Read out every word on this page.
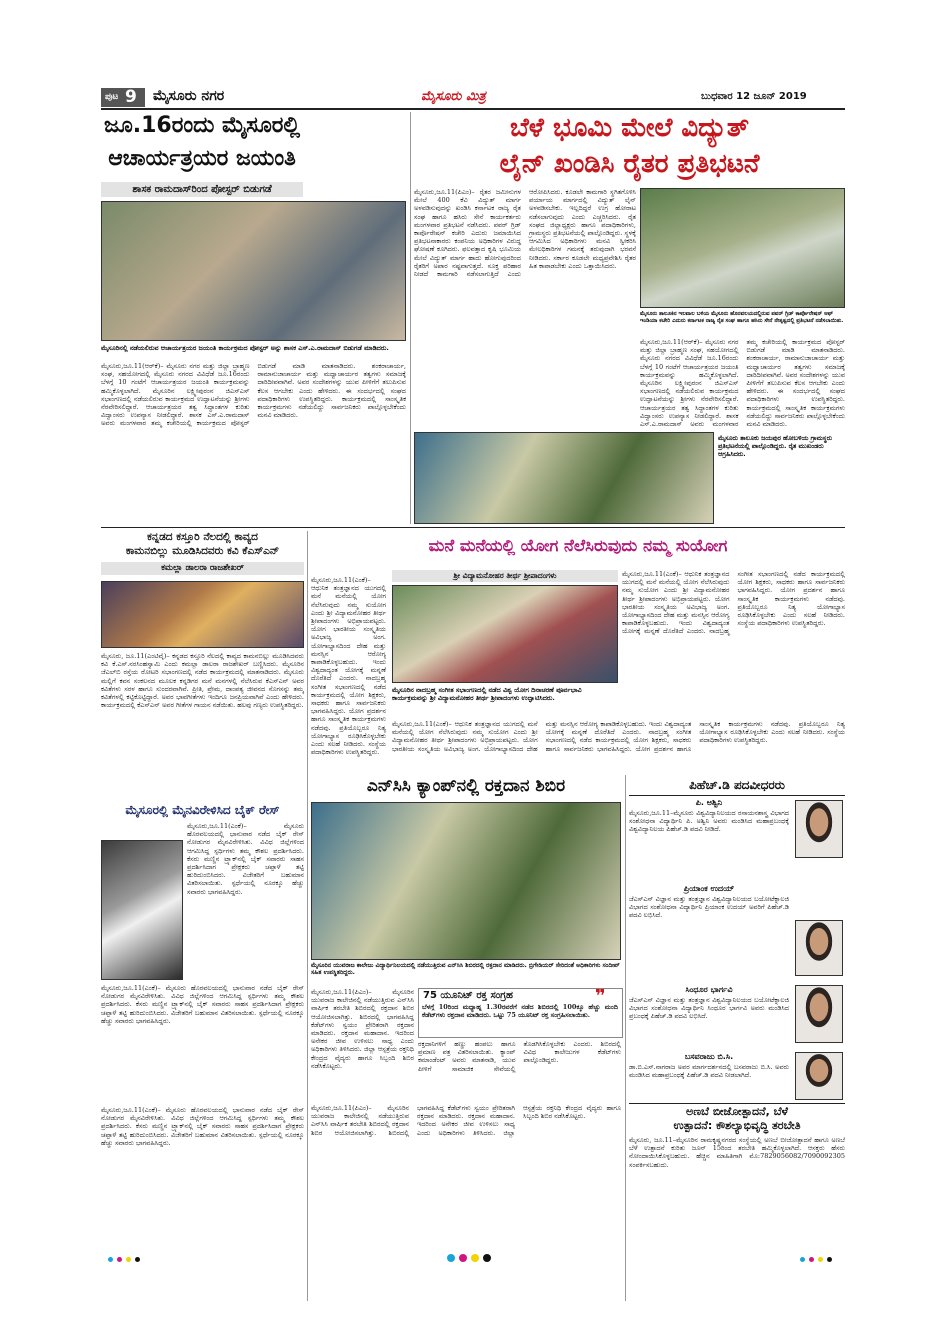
ಪುಟ 9 ಮೈಸೂರು ನಗರ	ಮೈಸೂರು ಮಿತ್ರ	ಬುಧವಾರ 12 ಜೂನ್ 2019
ಜೂ.16ರಂದು ಮೈಸೂರಲ್ಲಿ
ಆಚಾರ್ಯತ್ರಯರ ಜಯಂತಿ
ಶಾಸಕ ರಾಮದಾಸ್‌ರಿಂದ ಪೋಸ್ಟರ್ ಬಿಡುಗಡೆ
ಮೈಸೂರಿನಲ್ಲಿ ನಡೆಯಲಿರುವ ಆಚಾರ್ಯತ್ರಯರ ಜಯಂತಿ ಕಾರ್ಯಕ್ರಮದ ಪೋಸ್ಟರ್ ಅನ್ನು ಶಾಸಕ ಎಸ್.ಎ.ರಾಮದಾಸ್ ಬಿಡುಗಡೆ ಮಾಡಿದರು.
ಮೈಸೂರು,ಜೂ.11(ಆರ್‌ಕೆ)– ಮೈಸೂರು ನಗರ ಮತ್ತು ಜಿಲ್ಲಾ ಬ್ರಾಹ್ಮಣ ಸಂಘ, ಸಹಯೋಗದಲ್ಲಿ ಮೈಸೂರು ನಗರದ ವಿವಿಧೆಡೆ ಜೂ.16ರಂದು ಬೆಳಗ್ಗೆ 10 ಗಂಟೆಗೆ ಆಚಾರ್ಯತ್ರಯರ ಜಯಂತಿ ಕಾರ್ಯಕ್ರಮವನ್ನು ಹಮ್ಮಿಕೊಳ್ಳಲಾಗಿದೆ. ಮೈಸೂರಿನ ಲಕ್ಷ್ಮೀಪುರಂನ ಜಿಎಸ್‌ಎಸ್ ಸಭಾಂಗಣದಲ್ಲಿ ನಡೆಯಲಿರುವ ಕಾರ್ಯಕ್ರಮದ ಉದ್ಘಾಟನೆಯನ್ನು ಶ್ರೀಗಳು ನೆರವೇರಿಸಲಿದ್ದಾರೆ. ಆಚಾರ್ಯತ್ರಯರ ತತ್ವ ಸಿದ್ಧಾಂತಗಳ ಕುರಿತು ವಿದ್ವಾಂಸರು ಉಪನ್ಯಾಸ ನೀಡಲಿದ್ದಾರೆ. ಶಾಸಕ ಎಸ್.ಎ.ರಾಮದಾಸ್ ಅವರು ಮಂಗಳವಾರ ತಮ್ಮ ಕಚೇರಿಯಲ್ಲಿ ಕಾರ್ಯಕ್ರಮದ ಪೋಸ್ಟರ್ ಬಿಡುಗಡೆ ಮಾಡಿ ಮಾತನಾಡಿದರು. ಶಂಕರಾಚಾರ್ಯ, ರಾಮಾನುಜಾಚಾರ್ಯ ಮತ್ತು ಮಧ್ವಾಚಾರ್ಯರ ತತ್ವಗಳು ಸಮಾಜಕ್ಕೆ ದಾರಿದೀಪವಾಗಿವೆ. ಅವರ ಸಂದೇಶಗಳನ್ನು ಯುವ ಪೀಳಿಗೆಗೆ ತಲುಪಿಸುವ ಕೆಲಸ ಆಗಬೇಕು ಎಂದು ಹೇಳಿದರು. ಈ ಸಂದರ್ಭದಲ್ಲಿ ಸಂಘದ ಪದಾಧಿಕಾರಿಗಳು ಉಪಸ್ಥಿತರಿದ್ದರು. ಕಾರ್ಯಕ್ರಮದಲ್ಲಿ ಸಾಂಸ್ಕೃತಿಕ ಕಾರ್ಯಕ್ರಮಗಳು ನಡೆಯಲಿದ್ದು ಸಾರ್ವಜನಿಕರು ಪಾಲ್ಗೊಳ್ಳಬೇಕೆಂದು ಮನವಿ ಮಾಡಿದರು.
ಬೆಳೆ ಭೂಮಿ ಮೇಲೆ ವಿದ್ಯುತ್
ಲೈನ್ ಖಂಡಿಸಿ ರೈತರ ಪ್ರತಿಭಟನೆ
ಮೈಸೂರು,ಜೂ.11(ಪಿಎಂ)– ರೈತರ ಜಮೀನುಗಳ ಮೇಲೆ 400 ಕೆವಿ ವಿದ್ಯುತ್ ಮಾರ್ಗ ಅಳವಡಿಸುವುದನ್ನು ಖಂಡಿಸಿ ಕರ್ನಾಟಕ ರಾಜ್ಯ ರೈತ ಸಂಘ ಹಾಗೂ ಹಸಿರು ಸೇನೆ ಕಾರ್ಯಕರ್ತರು ಮಂಗಳವಾರ ಪ್ರತಿಭಟನೆ ನಡೆಸಿದರು. ಪವರ್ ಗ್ರಿಡ್ ಕಾರ್ಪೊರೇಷನ್ ಕಚೇರಿ ಎದುರು ಜಮಾಯಿಸಿದ ಪ್ರತಿಭಟನಾಕಾರರು ಕಂಪನಿಯ ಅಧಿಕಾರಿಗಳ ವಿರುದ್ಧ ಘೋಷಣೆ ಕೂಗಿದರು. ಫಲವತ್ತಾದ ಕೃಷಿ ಭೂಮಿಯ ಮೇಲೆ ವಿದ್ಯುತ್ ಮಾರ್ಗ ಹಾದು ಹೋಗುವುದರಿಂದ ರೈತರಿಗೆ ಅಪಾರ ನಷ್ಟವಾಗುತ್ತದೆ. ಸೂಕ್ತ ಪರಿಹಾರ ನೀಡದೆ ಕಾಮಗಾರಿ ನಡೆಸಲಾಗುತ್ತಿದೆ ಎಂದು ಆರೋಪಿಸಿದರು. ಕೂಡಲೇ ಕಾಮಗಾರಿ ಸ್ಥಗಿತಗೊಳಿಸಿ ಪರ್ಯಾಯ ಮಾರ್ಗದಲ್ಲಿ ವಿದ್ಯುತ್ ಲೈನ್ ಅಳವಡಿಸಬೇಕು. ಇಲ್ಲದಿದ್ದರೆ ಉಗ್ರ ಹೋರಾಟ ನಡೆಸಲಾಗುವುದು ಎಂದು ಎಚ್ಚರಿಸಿದರು. ರೈತ ಸಂಘದ ಜಿಲ್ಲಾಧ್ಯಕ್ಷರು ಹಾಗೂ ಪದಾಧಿಕಾರಿಗಳು, ಗ್ರಾಮಸ್ಥರು ಪ್ರತಿಭಟನೆಯಲ್ಲಿ ಪಾಲ್ಗೊಂಡಿದ್ದರು. ಸ್ಥಳಕ್ಕೆ ಆಗಮಿಸಿದ ಅಧಿಕಾರಿಗಳು ಮನವಿ ಸ್ವೀಕರಿಸಿ ಮೇಲಧಿಕಾರಿಗಳ ಗಮನಕ್ಕೆ ತರುವುದಾಗಿ ಭರವಸೆ ನೀಡಿದರು. ಸರ್ಕಾರ ಕೂಡಲೇ ಮಧ್ಯಪ್ರವೇಶಿಸಿ ರೈತರ ಹಿತ ಕಾಪಾಡಬೇಕು ಎಂದು ಒತ್ತಾಯಿಸಿದರು.
ಮೈಸೂರು ತಾಲೂಕಿನ ಇಲವಾಲ ಬಳಿಯ ಮೈಸೂರು ಹೊರವಲಯದಲ್ಲಿರುವ ಪವರ್ ಗ್ರಿಡ್ ಕಾರ್ಪೊರೇಷನ್ ಆಫ್ ಇಂಡಿಯಾ ಕಚೇರಿ ಎದುರು ಕರ್ನಾಟಕ ರಾಜ್ಯ ರೈತ ಸಂಘ ಹಾಗೂ ಹಸಿರು ಸೇನೆ ನೇತೃತ್ವದಲ್ಲಿ ಪ್ರತಿಭಟನೆ ನಡೆಸಲಾಯಿತು.
ಮೈಸೂರು,ಜೂ.11(ಆರ್‌ಕೆ)– ಮೈಸೂರು ನಗರ ಮತ್ತು ಜಿಲ್ಲಾ ಬ್ರಾಹ್ಮಣ ಸಂಘ, ಸಹಯೋಗದಲ್ಲಿ ಮೈಸೂರು ನಗರದ ವಿವಿಧೆಡೆ ಜೂ.16ರಂದು ಬೆಳಗ್ಗೆ 10 ಗಂಟೆಗೆ ಆಚಾರ್ಯತ್ರಯರ ಜಯಂತಿ ಕಾರ್ಯಕ್ರಮವನ್ನು ಹಮ್ಮಿಕೊಳ್ಳಲಾಗಿದೆ. ಮೈಸೂರಿನ ಲಕ್ಷ್ಮೀಪುರಂನ ಜಿಎಸ್‌ಎಸ್ ಸಭಾಂಗಣದಲ್ಲಿ ನಡೆಯಲಿರುವ ಕಾರ್ಯಕ್ರಮದ ಉದ್ಘಾಟನೆಯನ್ನು ಶ್ರೀಗಳು ನೆರವೇರಿಸಲಿದ್ದಾರೆ. ಆಚಾರ್ಯತ್ರಯರ ತತ್ವ ಸಿದ್ಧಾಂತಗಳ ಕುರಿತು ವಿದ್ವಾಂಸರು ಉಪನ್ಯಾಸ ನೀಡಲಿದ್ದಾರೆ. ಶಾಸಕ ಎಸ್.ಎ.ರಾಮದಾಸ್ ಅವರು ಮಂಗಳವಾರ ತಮ್ಮ ಕಚೇರಿಯಲ್ಲಿ ಕಾರ್ಯಕ್ರಮದ ಪೋಸ್ಟರ್ ಬಿಡುಗಡೆ ಮಾಡಿ ಮಾತನಾಡಿದರು. ಶಂಕರಾಚಾರ್ಯ, ರಾಮಾನುಜಾಚಾರ್ಯ ಮತ್ತು ಮಧ್ವಾಚಾರ್ಯರ ತತ್ವಗಳು ಸಮಾಜಕ್ಕೆ ದಾರಿದೀಪವಾಗಿವೆ. ಅವರ ಸಂದೇಶಗಳನ್ನು ಯುವ ಪೀಳಿಗೆಗೆ ತಲುಪಿಸುವ ಕೆಲಸ ಆಗಬೇಕು ಎಂದು ಹೇಳಿದರು. ಈ ಸಂದರ್ಭದಲ್ಲಿ ಸಂಘದ ಪದಾಧಿಕಾರಿಗಳು ಉಪಸ್ಥಿತರಿದ್ದರು. ಕಾರ್ಯಕ್ರಮದಲ್ಲಿ ಸಾಂಸ್ಕೃತಿಕ ಕಾರ್ಯಕ್ರಮಗಳು ನಡೆಯಲಿದ್ದು ಸಾರ್ವಜನಿಕರು ಪಾಲ್ಗೊಳ್ಳಬೇಕೆಂದು ಮನವಿ ಮಾಡಿದರು.
ಮೈಸೂರು ತಾಲೂಕು ಜಯಪುರ ಹೋಬಳಿಯ ಗ್ರಾಮಸ್ಥರು ಪ್ರತಿಭಟನೆಯಲ್ಲಿ ಪಾಲ್ಗೊಂಡಿದ್ದರು. ರೈತ ಮುಖಂಡರು ಆಗ್ರಹಿಸಿದರು.
ಕನ್ನಡದ ಕಸ್ತೂರಿ ನೆಲದಲ್ಲಿ ಕಾವ್ಯದ
ಕಾಮನಬಿಲ್ಲು ಮೂಡಿಸಿದವರು ಕವಿ ಕೆಎಸ್‌ಎನ್
ಕಮಲ್ಲಾ ಡಾಲರಾ ರಾಜಶೇಖರ್
ಮೈಸೂರು, ಜೂ.11(ಎಂಟಿವೈ)– ಕನ್ನಡದ ಕಸ್ತೂರಿ ನೆಲದಲ್ಲಿ ಕಾವ್ಯದ ಕಾಮನಬಿಲ್ಲು ಮೂಡಿಸಿದವರು ಕವಿ ಕೆ.ಎಸ್.ನರಸಿಂಹಸ್ವಾಮಿ ಎಂದು ಕಮಲ್ಲಾ ಡಾಲರಾ ರಾಜಶೇಖರ್ ಬಣ್ಣಿಸಿದರು. ಮೈಸೂರಿನ ಜೆಎಲ್‌ಬಿ ರಸ್ತೆಯ ರೋಟರಿ ಸಭಾಂಗಣದಲ್ಲಿ ನಡೆದ ಕಾರ್ಯಕ್ರಮದಲ್ಲಿ ಮಾತನಾಡಿದರು. ಮೈಸೂರು ಮಲ್ಲಿಗೆ ಕವನ ಸಂಕಲನದ ಮೂಲಕ ಕನ್ನಡಿಗರ ಮನೆ ಮನಗಳಲ್ಲಿ ನೆಲೆಸಿರುವ ಕೆಎಸ್‌ಎನ್ ಅವರ ಕವಿತೆಗಳು ಸರಳ ಹಾಗೂ ಸುಂದರವಾಗಿವೆ. ಪ್ರೀತಿ, ಪ್ರೇಮ, ದಾಂಪತ್ಯ ಜೀವನದ ಸೊಗಸನ್ನು ತಮ್ಮ ಕವಿತೆಗಳಲ್ಲಿ ಕಟ್ಟಿಕೊಟ್ಟಿದ್ದಾರೆ. ಅವರ ಭಾವಗೀತೆಗಳು ಇಂದಿಗೂ ಜನಪ್ರಿಯವಾಗಿವೆ ಎಂದು ಹೇಳಿದರು. ಕಾರ್ಯಕ್ರಮದಲ್ಲಿ ಕೆಎಸ್‌ಎನ್ ಅವರ ಗೀತೆಗಳ ಗಾಯನ ನಡೆಯಿತು. ಹಲವು ಗಣ್ಯರು ಉಪಸ್ಥಿತರಿದ್ದರು.
ಮನೆ ಮನೆಯಲ್ಲಿ ಯೋಗ ನೆಲೆಸಿರುವುದು ನಮ್ಮ ಸುಯೋಗ
ಮೈಸೂರು,ಜೂ.11(ಎಂಕೆ)– ಆಧುನಿಕ ತಂತ್ರಜ್ಞಾನದ ಯುಗದಲ್ಲಿ ಮನೆ ಮನೆಯಲ್ಲಿ ಯೋಗ ನೆಲೆಸಿರುವುದು ನಮ್ಮ ಸುಯೋಗ ಎಂದು ಶ್ರೀ ವಿದ್ಯಾಮನೋಹರ ತೀರ್ಥ ಶ್ರೀಪಾದಂಗಳು ಅಭಿಪ್ರಾಯಪಟ್ಟರು. ಯೋಗ ಭಾರತೀಯ ಸಂಸ್ಕೃತಿಯ ಅವಿಭಾಜ್ಯ ಅಂಗ. ಯೋಗಾಭ್ಯಾಸದಿಂದ ದೇಹ ಮತ್ತು ಮನಸ್ಸಿನ ಆರೋಗ್ಯ ಕಾಪಾಡಿಕೊಳ್ಳಬಹುದು. ಇಂದು ವಿಶ್ವದಾದ್ಯಂತ ಯೋಗಕ್ಕೆ ಮನ್ನಣೆ ದೊರೆತಿದೆ ಎಂದರು. ನಾದಬ್ರಹ್ಮ ಸಂಗೀತ ಸಭಾಂಗಣದಲ್ಲಿ ನಡೆದ ಕಾರ್ಯಕ್ರಮದಲ್ಲಿ ಯೋಗ ಶಿಕ್ಷಕರು, ಸಾಧಕರು ಹಾಗೂ ಸಾರ್ವಜನಿಕರು ಭಾಗವಹಿಸಿದ್ದರು. ಯೋಗ ಪ್ರದರ್ಶನ ಹಾಗೂ ಸಾಂಸ್ಕೃತಿಕ ಕಾರ್ಯಕ್ರಮಗಳು ನಡೆದವು. ಪ್ರತಿಯೊಬ್ಬರೂ ನಿತ್ಯ ಯೋಗಾಭ್ಯಾಸ ರೂಢಿಸಿಕೊಳ್ಳಬೇಕು ಎಂದು ಸಲಹೆ ನೀಡಿದರು. ಸಂಸ್ಥೆಯ ಪದಾಧಿಕಾರಿಗಳು ಉಪಸ್ಥಿತರಿದ್ದರು.
ಶ್ರೀ ವಿದ್ಯಾಮನೋಹರ ತೀರ್ಥ ಶ್ರೀಪಾದಂಗಳು
ಮೈಸೂರಿನ ನಾದಬ್ರಹ್ಮ ಸಂಗೀತ ಸಭಾಂಗಣದಲ್ಲಿ ನಡೆದ ವಿಶ್ವ ಯೋಗ ದಿನಾಚರಣೆ ಪೂರ್ವಭಾವಿ ಕಾರ್ಯಕ್ರಮವನ್ನು ಶ್ರೀ ವಿದ್ಯಾಮನೋಹರ ತೀರ್ಥ ಶ್ರೀಪಾದಂಗಳು ಉದ್ಘಾಟಿಸಿದರು.
ಮೈಸೂರು,ಜೂ.11(ಎಂಕೆ)– ಆಧುನಿಕ ತಂತ್ರಜ್ಞಾನದ ಯುಗದಲ್ಲಿ ಮನೆ ಮನೆಯಲ್ಲಿ ಯೋಗ ನೆಲೆಸಿರುವುದು ನಮ್ಮ ಸುಯೋಗ ಎಂದು ಶ್ರೀ ವಿದ್ಯಾಮನೋಹರ ತೀರ್ಥ ಶ್ರೀಪಾದಂಗಳು ಅಭಿಪ್ರಾಯಪಟ್ಟರು. ಯೋಗ ಭಾರತೀಯ ಸಂಸ್ಕೃತಿಯ ಅವಿಭಾಜ್ಯ ಅಂಗ. ಯೋಗಾಭ್ಯಾಸದಿಂದ ದೇಹ ಮತ್ತು ಮನಸ್ಸಿನ ಆರೋಗ್ಯ ಕಾಪಾಡಿಕೊಳ್ಳಬಹುದು. ಇಂದು ವಿಶ್ವದಾದ್ಯಂತ ಯೋಗಕ್ಕೆ ಮನ್ನಣೆ ದೊರೆತಿದೆ ಎಂದರು. ನಾದಬ್ರಹ್ಮ ಸಂಗೀತ ಸಭಾಂಗಣದಲ್ಲಿ ನಡೆದ ಕಾರ್ಯಕ್ರಮದಲ್ಲಿ ಯೋಗ ಶಿಕ್ಷಕರು, ಸಾಧಕರು ಹಾಗೂ ಸಾರ್ವಜನಿಕರು ಭಾಗವಹಿಸಿದ್ದರು. ಯೋಗ ಪ್ರದರ್ಶನ ಹಾಗೂ ಸಾಂಸ್ಕೃತಿಕ ಕಾರ್ಯಕ್ರಮಗಳು ನಡೆದವು. ಪ್ರತಿಯೊಬ್ಬರೂ ನಿತ್ಯ ಯೋಗಾಭ್ಯಾಸ ರೂಢಿಸಿಕೊಳ್ಳಬೇಕು ಎಂದು ಸಲಹೆ ನೀಡಿದರು. ಸಂಸ್ಥೆಯ ಪದಾಧಿಕಾರಿಗಳು ಉಪಸ್ಥಿತರಿದ್ದರು.
ಮೈಸೂರು,ಜೂ.11(ಎಂಕೆ)– ಆಧುನಿಕ ತಂತ್ರಜ್ಞಾನದ ಯುಗದಲ್ಲಿ ಮನೆ ಮನೆಯಲ್ಲಿ ಯೋಗ ನೆಲೆಸಿರುವುದು ನಮ್ಮ ಸುಯೋಗ ಎಂದು ಶ್ರೀ ವಿದ್ಯಾಮನೋಹರ ತೀರ್ಥ ಶ್ರೀಪಾದಂಗಳು ಅಭಿಪ್ರಾಯಪಟ್ಟರು. ಯೋಗ ಭಾರತೀಯ ಸಂಸ್ಕೃತಿಯ ಅವಿಭಾಜ್ಯ ಅಂಗ. ಯೋಗಾಭ್ಯಾಸದಿಂದ ದೇಹ ಮತ್ತು ಮನಸ್ಸಿನ ಆರೋಗ್ಯ ಕಾಪಾಡಿಕೊಳ್ಳಬಹುದು. ಇಂದು ವಿಶ್ವದಾದ್ಯಂತ ಯೋಗಕ್ಕೆ ಮನ್ನಣೆ ದೊರೆತಿದೆ ಎಂದರು. ನಾದಬ್ರಹ್ಮ ಸಂಗೀತ ಸಭಾಂಗಣದಲ್ಲಿ ನಡೆದ ಕಾರ್ಯಕ್ರಮದಲ್ಲಿ ಯೋಗ ಶಿಕ್ಷಕರು, ಸಾಧಕರು ಹಾಗೂ ಸಾರ್ವಜನಿಕರು ಭಾಗವಹಿಸಿದ್ದರು. ಯೋಗ ಪ್ರದರ್ಶನ ಹಾಗೂ ಸಾಂಸ್ಕೃತಿಕ ಕಾರ್ಯಕ್ರಮಗಳು ನಡೆದವು. ಪ್ರತಿಯೊಬ್ಬರೂ ನಿತ್ಯ ಯೋಗಾಭ್ಯಾಸ ರೂಢಿಸಿಕೊಳ್ಳಬೇಕು ಎಂದು ಸಲಹೆ ನೀಡಿದರು. ಸಂಸ್ಥೆಯ ಪದಾಧಿಕಾರಿಗಳು ಉಪಸ್ಥಿತರಿದ್ದರು.
ಮೈಸೂರಲ್ಲಿ ಮೈನವಿರೇಳಿಸಿದ ಬೈಕ್ ರೇಸ್
ಮೈಸೂರು,ಜೂ.11(ಎಂಕೆ)– ಮೈಸೂರು ಹೊರವಲಯದಲ್ಲಿ ಭಾನುವಾರ ನಡೆದ ಬೈಕ್ ರೇಸ್ ನೋಡುಗರ ಮೈನವಿರೇಳಿಸಿತು. ವಿವಿಧ ಜಿಲ್ಲೆಗಳಿಂದ ಆಗಮಿಸಿದ್ದ ಸ್ಪರ್ಧಿಗಳು ತಮ್ಮ ಕೌಶಲ ಪ್ರದರ್ಶಿಸಿದರು. ಕೆಸರು ಮಣ್ಣಿನ ಟ್ರ್ಯಾಕ್‌ನಲ್ಲಿ ಬೈಕ್ ಸವಾರರು ಸಾಹಸ ಪ್ರದರ್ಶಿಸಿದಾಗ ಪ್ರೇಕ್ಷಕರು ಚಪ್ಪಾಳೆ ತಟ್ಟಿ ಹುರಿದುಂಬಿಸಿದರು. ವಿಜೇತರಿಗೆ ಬಹುಮಾನ ವಿತರಿಸಲಾಯಿತು. ಸ್ಪರ್ಧೆಯಲ್ಲಿ ನೂರಕ್ಕೂ ಹೆಚ್ಚು ಸವಾರರು ಭಾಗವಹಿಸಿದ್ದರು.
ಮೈಸೂರು,ಜೂ.11(ಎಂಕೆ)– ಮೈಸೂರು ಹೊರವಲಯದಲ್ಲಿ ಭಾನುವಾರ ನಡೆದ ಬೈಕ್ ರೇಸ್ ನೋಡುಗರ ಮೈನವಿರೇಳಿಸಿತು. ವಿವಿಧ ಜಿಲ್ಲೆಗಳಿಂದ ಆಗಮಿಸಿದ್ದ ಸ್ಪರ್ಧಿಗಳು ತಮ್ಮ ಕೌಶಲ ಪ್ರದರ್ಶಿಸಿದರು. ಕೆಸರು ಮಣ್ಣಿನ ಟ್ರ್ಯಾಕ್‌ನಲ್ಲಿ ಬೈಕ್ ಸವಾರರು ಸಾಹಸ ಪ್ರದರ್ಶಿಸಿದಾಗ ಪ್ರೇಕ್ಷಕರು ಚಪ್ಪಾಳೆ ತಟ್ಟಿ ಹುರಿದುಂಬಿಸಿದರು. ವಿಜೇತರಿಗೆ ಬಹುಮಾನ ವಿತರಿಸಲಾಯಿತು. ಸ್ಪರ್ಧೆಯಲ್ಲಿ ನೂರಕ್ಕೂ ಹೆಚ್ಚು ಸವಾರರು ಭಾಗವಹಿಸಿದ್ದರು.
ಎನ್‌ಸಿಸಿ ಕ್ಯಾಂಪ್‌ನಲ್ಲಿ ರಕ್ತದಾನ ಶಿಬಿರ
ಮೈಸೂರಿನ ಯುವರಾಜ ಕಾಲೇಜು ವಿದ್ಯಾರ್ಥಿನಿಲಯದಲ್ಲಿ ನಡೆಯುತ್ತಿರುವ ಎನ್‌ಸಿಸಿ ಶಿಬಿರದಲ್ಲಿ ರಕ್ತದಾನ ಮಾಡಿದರು. ಬ್ರಿಗೇಡಿಯರ್ ಸೇರಿದಂತೆ ಅಧಿಕಾರಿಗಳು ಸಂದೀಪ್ ಸಹಿತ ಉಪಸ್ಥಿತರಿದ್ದರು.
ಮೈಸೂರು,ಜೂ.11(ಪಿಎಂ)– ಮೈಸೂರಿನ ಯುವರಾಜ ಕಾಲೇಜಿನಲ್ಲಿ ನಡೆಯುತ್ತಿರುವ ಎನ್‌ಸಿಸಿ ವಾರ್ಷಿಕ ತರಬೇತಿ ಶಿಬಿರದಲ್ಲಿ ರಕ್ತದಾನ ಶಿಬಿರ ಆಯೋಜಿಸಲಾಗಿತ್ತು. ಶಿಬಿರದಲ್ಲಿ ಭಾಗವಹಿಸಿದ್ದ ಕೆಡೆಟ್‌ಗಳು ಸ್ವಯಂ ಪ್ರೇರಿತರಾಗಿ ರಕ್ತದಾನ ಮಾಡಿದರು. ರಕ್ತದಾನ ಮಹಾದಾನ. ಇದರಿಂದ ಅನೇಕರ ಜೀವ ಉಳಿಸಲು ಸಾಧ್ಯ ಎಂದು ಅಧಿಕಾರಿಗಳು ತಿಳಿಸಿದರು. ಜಿಲ್ಲಾ ಆಸ್ಪತ್ರೆಯ ರಕ್ತನಿಧಿ ಕೇಂದ್ರದ ವೈದ್ಯರು ಹಾಗೂ ಸಿಬ್ಬಂದಿ ಶಿಬಿರ ನಡೆಸಿಕೊಟ್ಟರು.
75 ಯೂನಿಟ್ ರಕ್ತ ಸಂಗ್ರಹ	❞
ಬೆಳಗ್ಗೆ 10ರಿಂದ ಮಧ್ಯಾಹ್ನ 1.30ರವರೆಗೆ ನಡೆದ ಶಿಬಿರದಲ್ಲಿ 100ಕ್ಕೂ ಹೆಚ್ಚು ಮಂದಿ ಕೆಡೆಟ್‌ಗಳು ರಕ್ತದಾನ ಮಾಡಿದರು. ಒಟ್ಟು 75 ಯೂನಿಟ್ ರಕ್ತ ಸಂಗ್ರಹಿಸಲಾಯಿತು.
ರಕ್ತದಾನಿಗಳಿಗೆ ಹಣ್ಣು ಹಂಪಲು ಹಾಗೂ ಪ್ರಮಾಣ ಪತ್ರ ವಿತರಿಸಲಾಯಿತು. ಕ್ಯಾಂಪ್ ಕಮಾಂಡೆಂಟ್ ಅವರು ಮಾತನಾಡಿ, ಯುವ ಪೀಳಿಗೆ ಸಾಮಾಜಿಕ ಸೇವೆಯಲ್ಲಿ ತೊಡಗಿಸಿಕೊಳ್ಳಬೇಕು ಎಂದರು. ಶಿಬಿರದಲ್ಲಿ ವಿವಿಧ ಕಾಲೇಜುಗಳ ಕೆಡೆಟ್‌ಗಳು ಪಾಲ್ಗೊಂಡಿದ್ದರು.
ಪಿಹೆಚ್.ಡಿ ಪದವೀಧರರು
ಪಿ. ಅಶ್ವಿನಿ
ಮೈಸೂರು,ಜೂ.11–ಮೈಸೂರು ವಿಶ್ವವಿದ್ಯಾನಿಲಯದ ರಸಾಯನಶಾಸ್ತ್ರ ವಿಭಾಗದ ಸಂಶೋಧನಾ ವಿದ್ಯಾರ್ಥಿನಿ ಪಿ. ಅಶ್ವಿನಿ ಅವರು ಮಂಡಿಸಿದ ಮಹಾಪ್ರಬಂಧಕ್ಕೆ ವಿಶ್ವವಿದ್ಯಾನಿಲಯ ಪಿಹೆಚ್.ಡಿ ಪದವಿ ನೀಡಿದೆ.
ಪ್ರಿಯಾಂಕ ಉದಯ್
ಜೆಎಸ್‌ಎಸ್ ವಿಜ್ಞಾನ ಮತ್ತು ತಂತ್ರಜ್ಞಾನ ವಿಶ್ವವಿದ್ಯಾನಿಲಯದ ಬಯೋಟೆಕ್ನಾಲಜಿ ವಿಭಾಗದ ಸಂಶೋಧನಾ ವಿದ್ಯಾರ್ಥಿನಿ ಪ್ರಿಯಾಂಕ ಉದಯ್ ಅವರಿಗೆ ಪಿಹೆಚ್.ಡಿ ಪದವಿ ಲಭಿಸಿದೆ.
ಸಿಂಧೂರ ಭಾರ್ಗವಿ
ಜೆಎಸ್‌ಎಸ್ ವಿಜ್ಞಾನ ಮತ್ತು ತಂತ್ರಜ್ಞಾನ ವಿಶ್ವವಿದ್ಯಾನಿಲಯದ ಬಯೋಟೆಕ್ನಾಲಜಿ ವಿಭಾಗದ ಸಂಶೋಧನಾ ವಿದ್ಯಾರ್ಥಿನಿ ಸಿಂಧೂರ ಭಾರ್ಗವಿ ಅವರು ಮಂಡಿಸಿದ ಪ್ರಬಂಧಕ್ಕೆ ಪಿಹೆಚ್.ಡಿ ಪದವಿ ಲಭಿಸಿದೆ.
ಬಸವರಾಜು ಬಿ.ಸಿ.
ಡಾ.ಬಿ.ಎಸ್.ನಾಗರಾಜ ಅವರ ಮಾರ್ಗದರ್ಶನದಲ್ಲಿ ಬಸವರಾಜು ಬಿ.ಸಿ. ಅವರು ಮಂಡಿಸಿದ ಮಹಾಪ್ರಬಂಧಕ್ಕೆ ಪಿಹೆಚ್.ಡಿ ಪದವಿ ನೀಡಲಾಗಿದೆ.
ಅಣಬೆ ಬೀಜೋತ್ಪಾದನೆ, ಬೆಳೆ
ಉತ್ಪಾದನೆ: ಕೌಶಲ್ಯಾಭಿವೃದ್ಧಿ ತರಬೇತಿ
ಮೈಸೂರು, ಜೂ.11–ಮೈಸೂರಿನ ರಾಮಕೃಷ್ಣನಗರದ ಸಂಸ್ಥೆಯಲ್ಲಿ ಅಣಬೆ ಬೀಜೋತ್ಪಾದನೆ ಹಾಗೂ ಅಣಬೆ ಬೆಳೆ ಉತ್ಪಾದನೆ ಕುರಿತು ಜೂನ್ 15ರಿಂದ ತರಬೇತಿ ಹಮ್ಮಿಕೊಳ್ಳಲಾಗಿದೆ. ಆಸಕ್ತರು ಹೆಸರು ನೋಂದಾಯಿಸಿಕೊಳ್ಳಬಹುದು. ಹೆಚ್ಚಿನ ಮಾಹಿತಿಗಾಗಿ ಮೊ:7829056082/7090092305 ಸಂಪರ್ಕಿಸಬಹುದು.
ಮೈಸೂರು,ಜೂ.11(ಎಂಕೆ)– ಮೈಸೂರು ಹೊರವಲಯದಲ್ಲಿ ಭಾನುವಾರ ನಡೆದ ಬೈಕ್ ರೇಸ್ ನೋಡುಗರ ಮೈನವಿರೇಳಿಸಿತು. ವಿವಿಧ ಜಿಲ್ಲೆಗಳಿಂದ ಆಗಮಿಸಿದ್ದ ಸ್ಪರ್ಧಿಗಳು ತಮ್ಮ ಕೌಶಲ ಪ್ರದರ್ಶಿಸಿದರು. ಕೆಸರು ಮಣ್ಣಿನ ಟ್ರ್ಯಾಕ್‌ನಲ್ಲಿ ಬೈಕ್ ಸವಾರರು ಸಾಹಸ ಪ್ರದರ್ಶಿಸಿದಾಗ ಪ್ರೇಕ್ಷಕರು ಚಪ್ಪಾಳೆ ತಟ್ಟಿ ಹುರಿದುಂಬಿಸಿದರು. ವಿಜೇತರಿಗೆ ಬಹುಮಾನ ವಿತರಿಸಲಾಯಿತು. ಸ್ಪರ್ಧೆಯಲ್ಲಿ ನೂರಕ್ಕೂ ಹೆಚ್ಚು ಸವಾರರು ಭಾಗವಹಿಸಿದ್ದರು.
ಮೈಸೂರು,ಜೂ.11(ಪಿಎಂ)– ಮೈಸೂರಿನ ಯುವರಾಜ ಕಾಲೇಜಿನಲ್ಲಿ ನಡೆಯುತ್ತಿರುವ ಎನ್‌ಸಿಸಿ ವಾರ್ಷಿಕ ತರಬೇತಿ ಶಿಬಿರದಲ್ಲಿ ರಕ್ತದಾನ ಶಿಬಿರ ಆಯೋಜಿಸಲಾಗಿತ್ತು. ಶಿಬಿರದಲ್ಲಿ ಭಾಗವಹಿಸಿದ್ದ ಕೆಡೆಟ್‌ಗಳು ಸ್ವಯಂ ಪ್ರೇರಿತರಾಗಿ ರಕ್ತದಾನ ಮಾಡಿದರು. ರಕ್ತದಾನ ಮಹಾದಾನ. ಇದರಿಂದ ಅನೇಕರ ಜೀವ ಉಳಿಸಲು ಸಾಧ್ಯ ಎಂದು ಅಧಿಕಾರಿಗಳು ತಿಳಿಸಿದರು. ಜಿಲ್ಲಾ ಆಸ್ಪತ್ರೆಯ ರಕ್ತನಿಧಿ ಕೇಂದ್ರದ ವೈದ್ಯರು ಹಾಗೂ ಸಿಬ್ಬಂದಿ ಶಿಬಿರ ನಡೆಸಿಕೊಟ್ಟರು.
